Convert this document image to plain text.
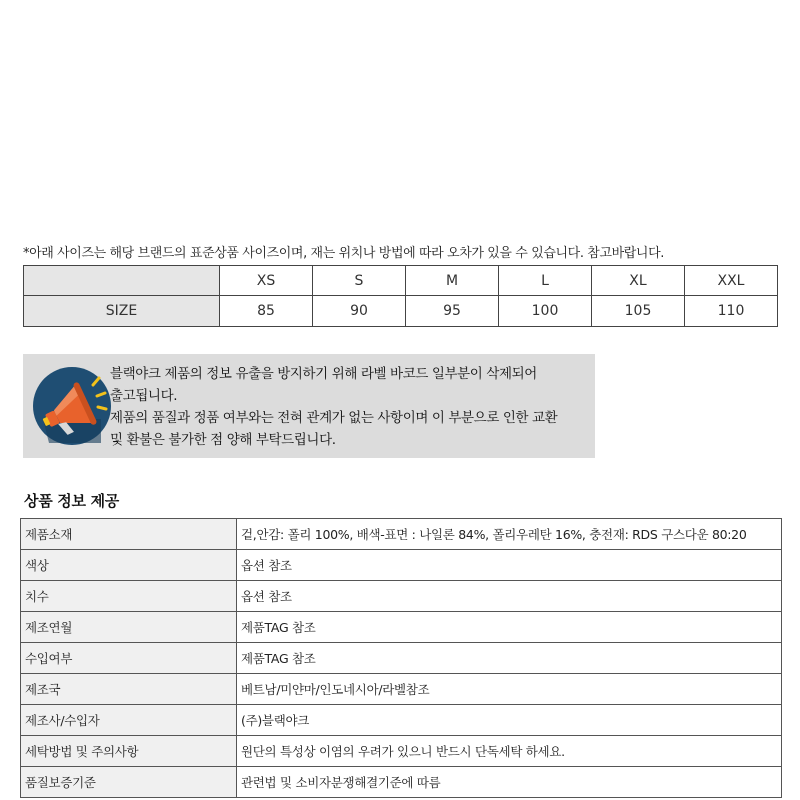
*아래 사이즈는 해당 브랜드의 표준상품 사이즈이며, 재는 위치나 방법에 따라 오차가 있을 수 있습니다. 참고바랍니다.
	XS	S	M	L	XL	XXL
SIZE	85	90	95	100	105	110
블랙야크 제품의 정보 유출을 방지하기 위해 라벨 바코드 일부분이 삭제되어
출고됩니다.
제품의 품질과 정품 여부와는 전혀 관계가 없는 사항이며 이 부분으로 인한 교환
및 환불은 불가한 점 양해 부탁드립니다.
상품 정보 제공
제품소재	겉,안감: 폴리 100%, 배색-표면 : 나일론 84%, 폴리우레탄 16%, 충전재: RDS 구스다운 80:20
색상	옵션 참조
치수	옵션 참조
제조연월	제품TAG 참조
수입여부	제품TAG 참조
제조국	베트남/미얀마/인도네시아/라벨참조
제조사/수입자	(주)블랙야크
세탁방법 및 주의사항	원단의 특성상 이염의 우려가 있으니 반드시 단독세탁 하세요.
품질보증기준	관련법 및 소비자분쟁해결기준에 따름
